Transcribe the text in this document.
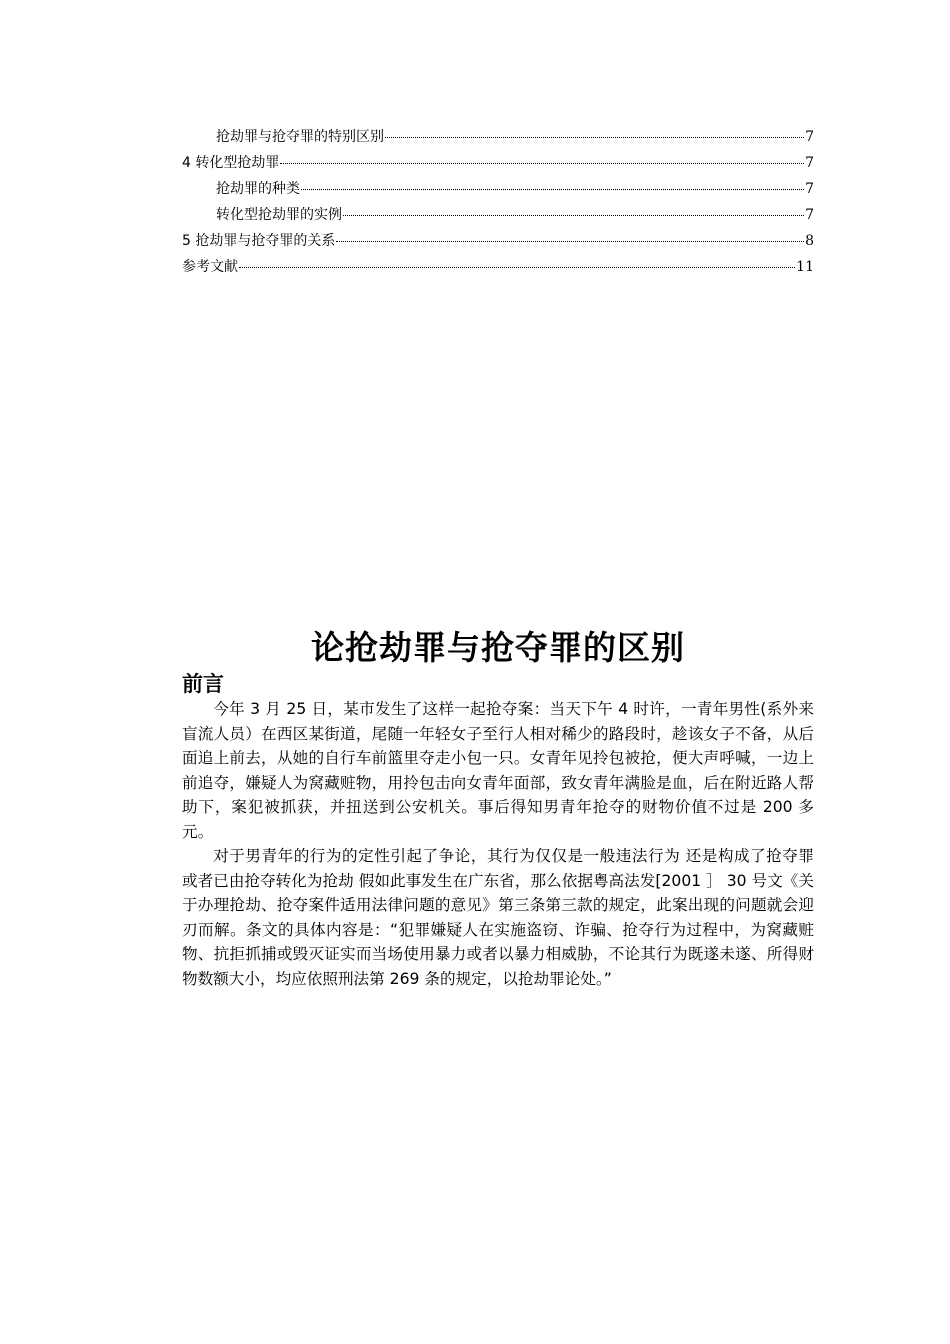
抢劫罪与抢夺罪的特别区别	7
4 转化型抢劫罪	7
抢劫罪的种类	7
转化型抢劫罪的实例	7
5 抢劫罪与抢夺罪的关系	8
参考文献	11
论抢劫罪与抢夺罪的区别
前言

今年 3 月 25 日，某市发生了这样一起抢夺案：当天下午 4 时许，一青年男性(系外来盲流人员）在西区某街道，尾随一年轻女子至行人相对稀少的路段时，趁该女子不备，从后面追上前去，从她的自行车前篮里夺走小包一只。女青年见拎包被抢，便大声呼喊，一边上前追夺，嫌疑人为窝藏赃物，用拎包击向女青年面部，致女青年满脸是血，后在附近路人帮助下，案犯被抓获，并扭送到公安机关。事后得知男青年抢夺的财物价值不过是 200 多元。

对于男青年的行为的定性引起了争论，其行为仅仅是一般违法行为 还是构成了抢夺罪 或者已由抢夺转化为抢劫 假如此事发生在广东省，那么依据粤高法发[2001 ］ 30 号文《关于办理抢劫、抢夺案件适用法律问题的意见》第三条第三款的规定，此案出现的问题就会迎刃而解。条文的具体内容是：“犯罪嫌疑人在实施盗窃、诈骗、抢夺行为过程中，为窝藏赃物、抗拒抓捕或毁灭证实而当场使用暴力或者以暴力相威胁，不论其行为既遂未遂、所得财物数额大小，均应依照刑法第 269 条的规定，以抢劫罪论处。”
